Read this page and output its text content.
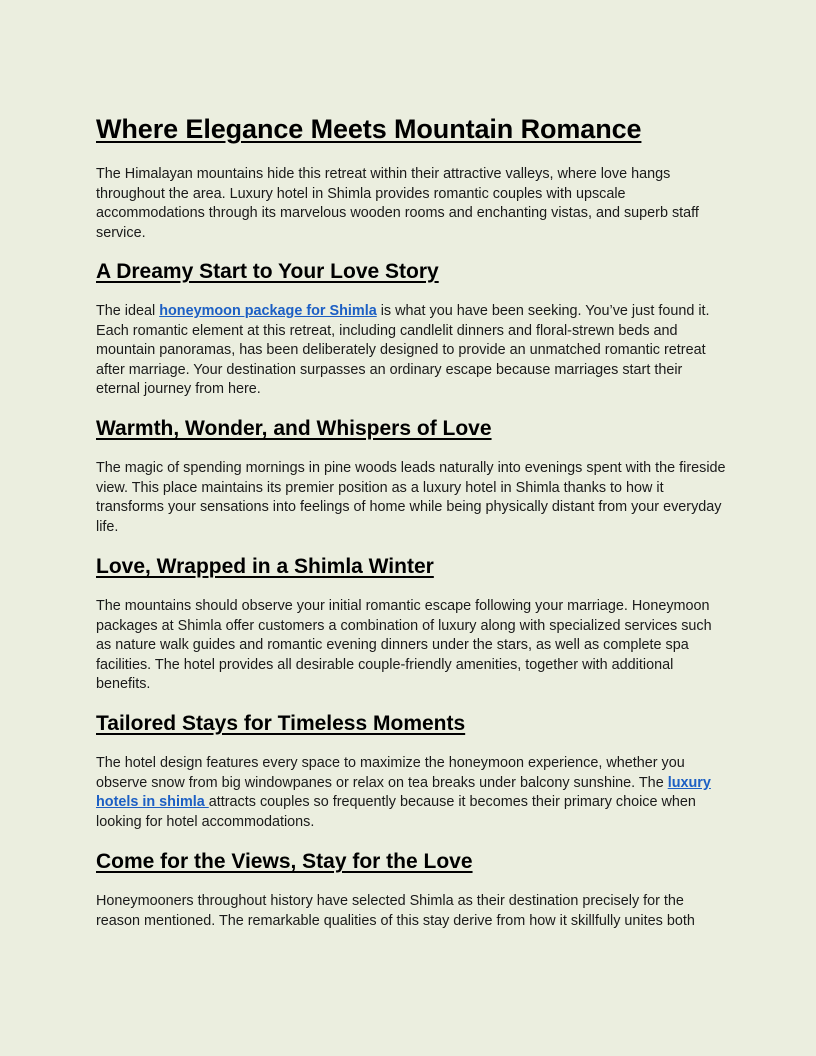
Where Elegance Meets Mountain Romance

The Himalayan mountains hide this retreat within their attractive valleys, where love hangs throughout the area. Luxury hotel in Shimla provides romantic couples with upscale accommodations through its marvelous wooden rooms and enchanting vistas, and superb staff service.

A Dreamy Start to Your Love Story

The ideal honeymoon package for Shimla is what you have been seeking. You’ve just found it. Each romantic element at this retreat, including candlelit dinners and floral-strewn beds and mountain panoramas, has been deliberately designed to provide an unmatched romantic retreat after marriage. Your destination surpasses an ordinary escape because marriages start their eternal journey from here.

Warmth, Wonder, and Whispers of Love

The magic of spending mornings in pine woods leads naturally into evenings spent with the fireside view. This place maintains its premier position as a luxury hotel in Shimla thanks to how it transforms your sensations into feelings of home while being physically distant from your everyday life.

Love, Wrapped in a Shimla Winter

The mountains should observe your initial romantic escape following your marriage. Honeymoon packages at Shimla offer customers a combination of luxury along with specialized services such as nature walk guides and romantic evening dinners under the stars, as well as complete spa facilities. The hotel provides all desirable couple-friendly amenities, together with additional benefits.

Tailored Stays for Timeless Moments

The hotel design features every space to maximize the honeymoon experience, whether you observe snow from big windowpanes or relax on tea breaks under balcony sunshine. The luxury hotels in shimla attracts couples so frequently because it becomes their primary choice when looking for hotel accommodations.

Come for the Views, Stay for the Love

Honeymooners throughout history have selected Shimla as their destination precisely for the reason mentioned. The remarkable qualities of this stay derive from how it skillfully unites both
